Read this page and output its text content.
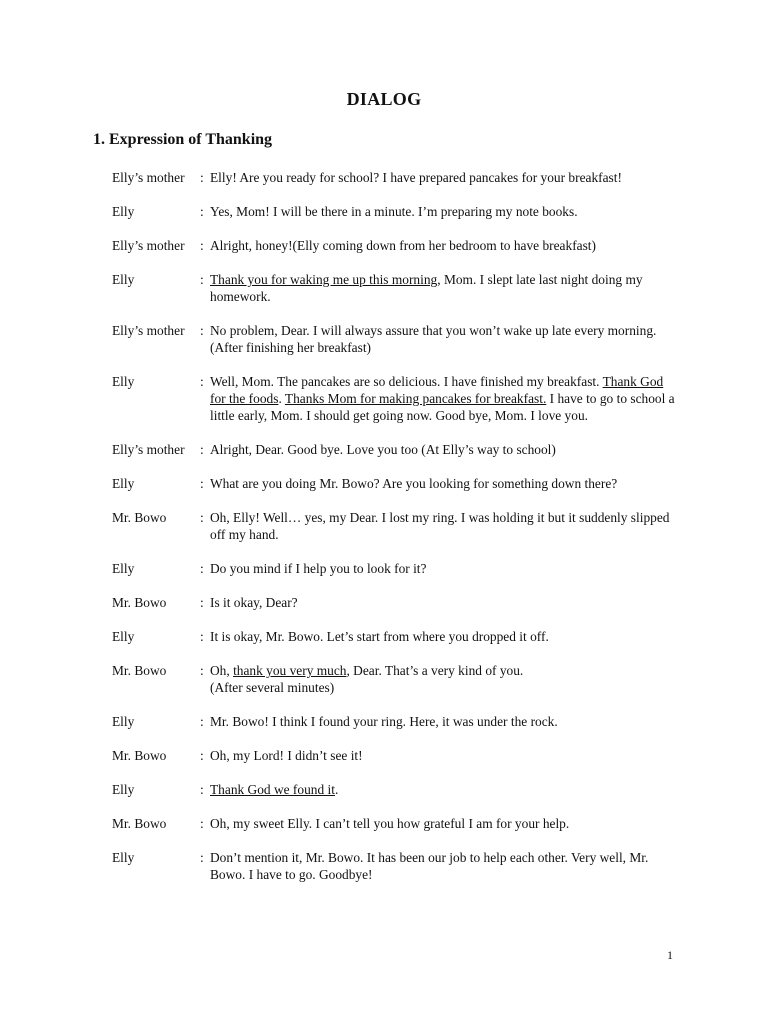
DIALOG
1. Expression of Thanking
Elly’s mother	: Elly! Are you ready for school? I have prepared pancakes for your breakfast!
Elly	: Yes, Mom! I will be there in a minute. I’m preparing my note books.
Elly’s mother	: Alright, honey!(Elly coming down from her bedroom to have breakfast)
Elly	: Thank you for waking me up this morning, Mom. I slept late last night doing my homework.
Elly’s mother	: No problem, Dear. I will always assure that you won’t wake up late every morning.(After finishing her breakfast)
Elly	: Well, Mom. The pancakes are so delicious. I have finished my breakfast. Thank God for the foods. Thanks Mom for making pancakes for breakfast. I have to go to school a little early, Mom. I should get going now. Good bye, Mom. I love you.
Elly’s mother	: Alright, Dear. Good bye. Love you too (At Elly’s way to school)
Elly	: What are you doing Mr. Bowo? Are you looking for something down there?
Mr. Bowo	: Oh, Elly! Well… yes, my Dear. I lost my ring. I was holding it but it suddenly slipped off my hand.
Elly	: Do you mind if I help you to look for it?
Mr. Bowo	: Is it okay, Dear?
Elly	: It is okay, Mr. Bowo. Let’s start from where you dropped it off.
Mr. Bowo	: Oh, thank you very much, Dear. That’s a very kind of you.
(After several minutes)
Elly	: Mr. Bowo! I think I found your ring. Here, it was under the rock.
Mr. Bowo	: Oh, my Lord! I didn’t see it!
Elly	: Thank God we found it.
Mr. Bowo	: Oh, my sweet Elly. I can’t tell you how grateful I am for your help.
Elly	: Don’t mention it, Mr. Bowo. It has been our job to help each other. Very well, Mr. Bowo. I have to go. Goodbye!
1
